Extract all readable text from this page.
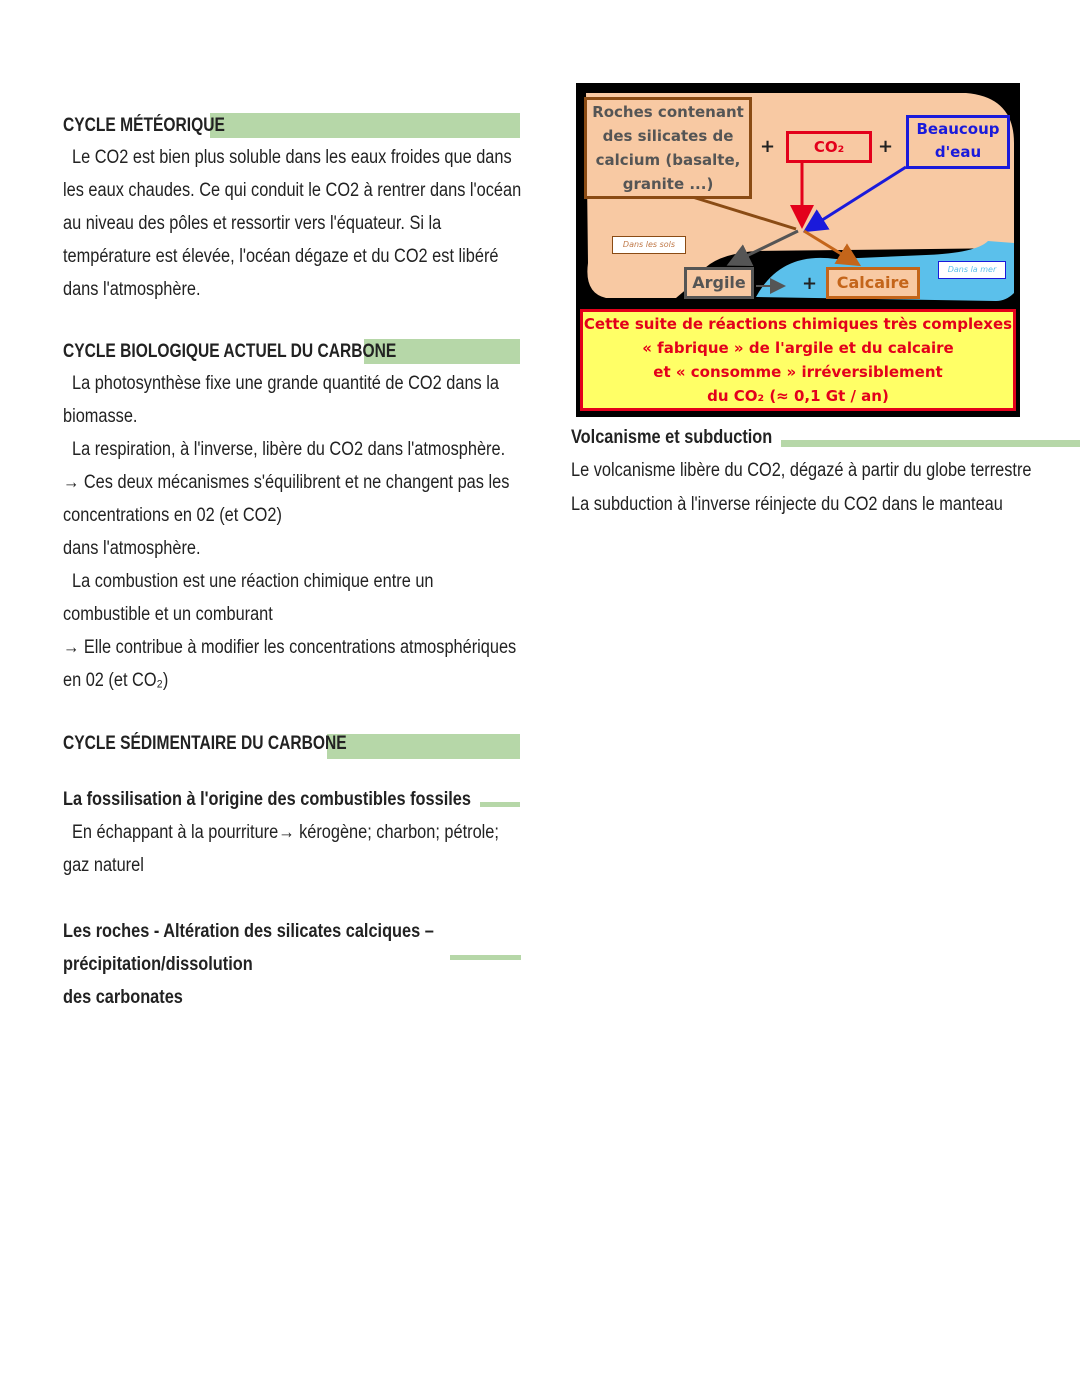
CYCLE MÉTÉORIQUE
Le CO2 est bien plus soluble dans les eaux froides que dans
les eaux chaudes. Ce qui conduit le CO2 à rentrer dans l'océan
au niveau des pôles et ressortir vers l'équateur. Si la
température est élevée, l'océan dégaze et du CO2 est libéré
dans l'atmosphère.
CYCLE BIOLOGIQUE ACTUEL DU CARBONE
La photosynthèse fixe une grande quantité de CO2 dans la
biomasse.
La respiration, à l'inverse, libère du CO2 dans l'atmosphère.
→ Ces deux mécanismes s'équilibrent et ne changent pas les
concentrations en 02 (et CO2)
dans l'atmosphère.
La combustion est une réaction chimique entre un
combustible et un comburant
→ Elle contribue à modifier les concentrations atmosphériques
en 02 (et CO₂)
CYCLE SÉDIMENTAIRE DU CARBONE
La fossilisation à l'origine des combustibles fossiles
En échappant à la pourriture→ kérogène; charbon; pétrole;
gaz naturel
Les roches - Altération des silicates calciques –
précipitation/dissolution
des carbonates
Roches contenant
des silicates de
calcium (basalte,
granite ...)
+	CO₂	+
Beaucoup
d'eau
Dans les sols
Dans la mer
Argile	+	Calcaire
Cette suite de réactions chimiques très complexes
« fabrique » de l'argile et du calcaire
et « consomme » irréversiblement
du CO₂ (≈ 0,1 Gt / an)
Volcanisme et subduction
Le volcanisme libère du CO2, dégazé à partir du globe terrestre
La subduction à l'inverse réinjecte du CO2 dans le manteau
